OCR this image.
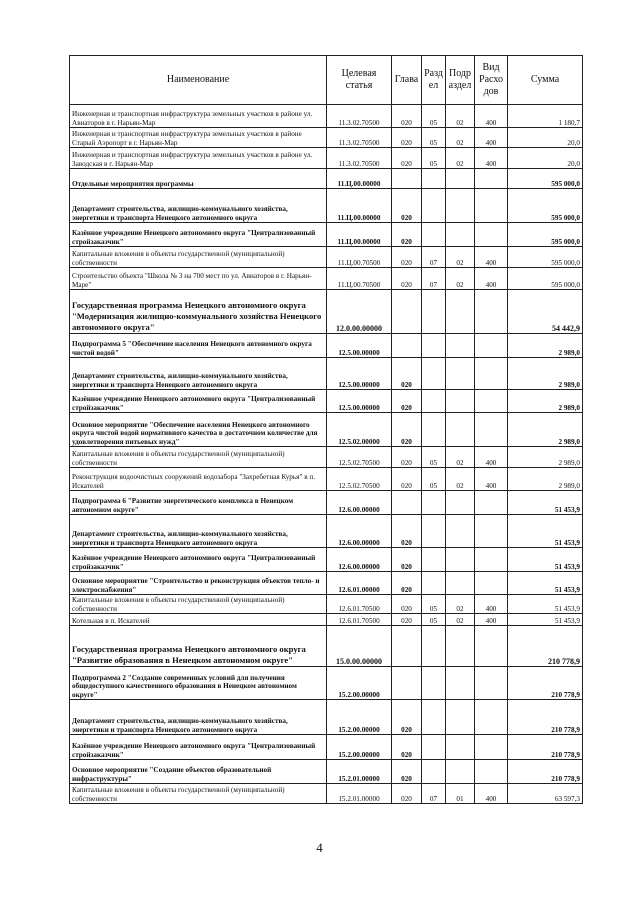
Наименование	Целевая статья	Глава	Разд ел	Подр аздел	Вид Расхо дов	Сумма
Инженерная и транспортная инфраструктура земельных участков в районе ул. Авиаторов в г. Нарьян-Мар	11.3.02.70500	020	05	02	400	1 180,7
Инженерная и транспортная инфраструктура земельных участков в районе Старый Аэропорт в г. Нарьян-Мар	11.3.02.70500	020	05	02	400	20,0
Инженерная и транспортная инфраструктура земельных участков в районе ул. Заводская в г. Нарьян-Мар	11.3.02.70500	020	05	02	400	20,0
Отдельные мероприятия программы	11.Ц.00.00000					595 000,0
Департамент строительства, жилищно-коммунального хозяйства, энергетики и транспорта Ненецкого автономного округа	11.Ц.00.00000	020				595 000,0
Казённое учреждение Ненецкого автономного округа "Централизованный стройзаказчик"	11.Ц.00.00000	020				595 000,0
Капитальные вложения в объекты государственной (муниципальной) собственности	11.Ц.00.70500	020	07	02	400	595 000,0
Строительство объекта "Школа № 3 на 700 мест по ул. Авиаторов в г. Нарьян-Маре"	11.Ц.00.70500	020	07	02	400	595 000,0
Государственная программа Ненецкого автономного округа "Модернизация жилищно-коммунального хозяйства Ненецкого автономного округа"	12.0.00.00000					54 442,9
Подпрограмма 5 "Обеспечение населения Ненецкого автономного округа чистой водой"	12.5.00.00000					2 989,0
Департамент строительства, жилищно-коммунального хозяйства, энергетики и транспорта Ненецкого автономного округа	12.5.00.00000	020				2 989,0
Казённое учреждение Ненецкого автономного округа "Централизованный стройзаказчик"	12.5.00.00000	020				2 989,0
Основное мероприятие "Обеспечение населения Ненецкого автономного округа чистой водой нормативного качества в достаточном количестве для удовлетворения питьевых нужд"	12.5.02.00000	020				2 989,0
Капитальные вложения в объекты государственной (муниципальной) собственности	12.5.02.70500	020	05	02	400	2 989,0
Реконструкция водоочистных сооружений водозабора "Захребетная Курья" в п. Искателей	12.5.02.70500	020	05	02	400	2 989,0
Подпрограмма 6 "Развитие энергетического комплекса в Ненецком автономном округе"	12.6.00.00000					51 453,9
Департамент строительства, жилищно-коммунального хозяйства, энергетики и транспорта Ненецкого автономного округа	12.6.00.00000	020				51 453,9
Казённое учреждение Ненецкого автономного округа "Централизованный стройзаказчик"	12.6.00.00000	020				51 453,9
Основное мероприятие "Строительство и реконструкция объектов тепло- и электроснабжения"	12.6.01.00000	020				51 453,9
Капитальные вложения в объекты государственной (муниципальной) собственности	12.6.01.70500	020	05	02	400	51 453,9
Котельная в п. Искателей	12.6.01.70500	020	05	02	400	51 453,9
Государственная программа Ненецкого автономного округа "Развитие образования в Ненецком автономном округе"	15.0.00.00000					210 778,9
Подпрограмма 2 "Создание современных условий для получения общедоступного качественного образования в Ненецком автономном округе"	15.2.00.00000					210 778,9
Департамент строительства, жилищно-коммунального хозяйства, энергетики и транспорта Ненецкого автономного округа	15.2.00.00000	020				210 778,9
Казённое учреждение Ненецкого автономного округа "Централизованный стройзаказчик"	15.2.00.00000	020				210 778,9
Основное мероприятие "Создание объектов образовательной инфраструктуры"	15.2.01.00000	020				210 778,9
Капитальные вложения в объекты государственной (муниципальной) собственности	15.2.01.00000	020	07	01	400	63 597,3
4
